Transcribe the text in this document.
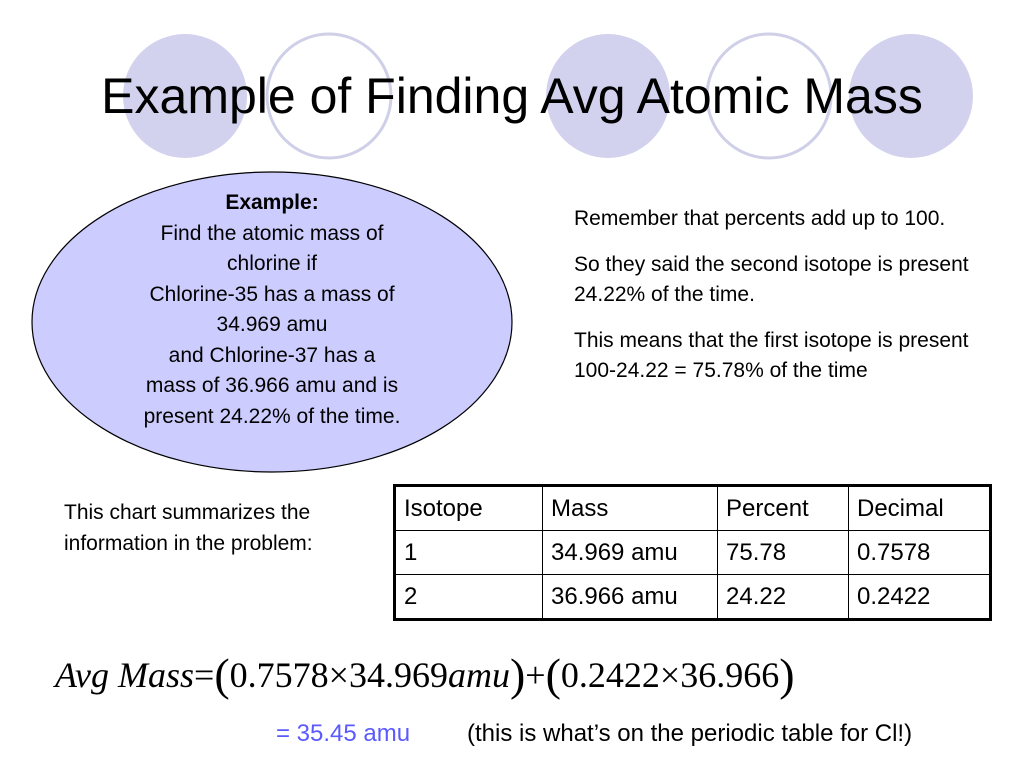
Example of Finding Avg Atomic Mass
Example:
Find the atomic mass of
chlorine if
Chlorine-35 has a mass of
34.969 amu
and Chlorine-37 has a
mass of 36.966 amu and is
present 24.22% of the time.

Remember that percents add up to 100.

So they said the second isotope is present 24.22% of the time.

This means that the first isotope is present 100-24.22 = 75.78% of the time

This chart summarizes the information in the problem:
Isotope	Mass	Percent	Decimal
1	34.969 amu	75.78	0.7578
2	36.966 amu	24.22	0.2422
Avg Mass=(0.7578×34.969amu)+(0.2422×36.966)
= 35.45 amu (this is what’s on the periodic table for Cl!)
